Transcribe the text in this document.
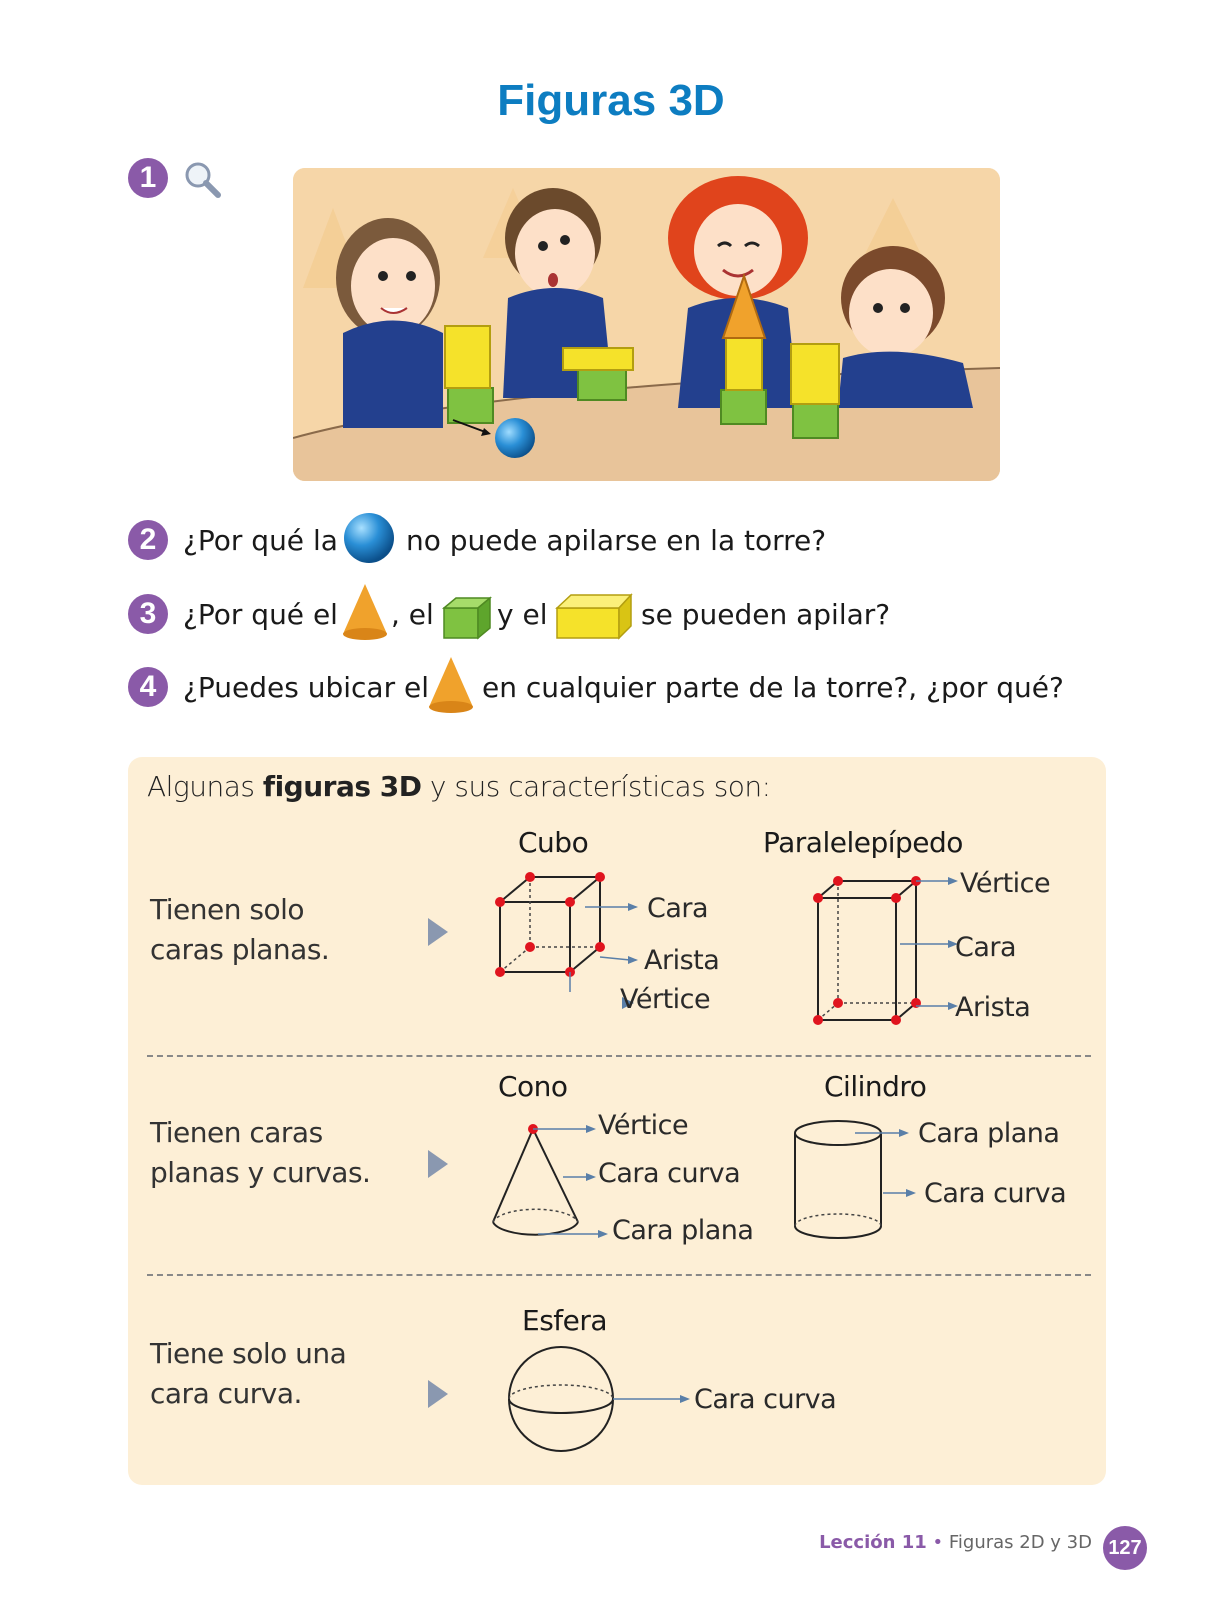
Figuras 3D
1
2 ¿Por qué la no puede apilarse en la torre?
3 ¿Por qué el , el y el	se pueden apilar?
4 ¿Puedes ubicar el en cualquier parte de la torre?, ¿por qué?
Algunas figuras 3D y sus características son:
Tienen solo caras planas.
Cubo
Cara
Arista
Vértice
Paralelepípedo
Vértice
Cara
Arista
Tienen caras planas y curvas.
Cono
Vértice
Cara curva
Cara plana
Cilindro
Cara plana
Cara curva
Tiene solo una cara curva.
Esfera
Cara curva
Lección 11 • Figuras 2D y 3D 127
